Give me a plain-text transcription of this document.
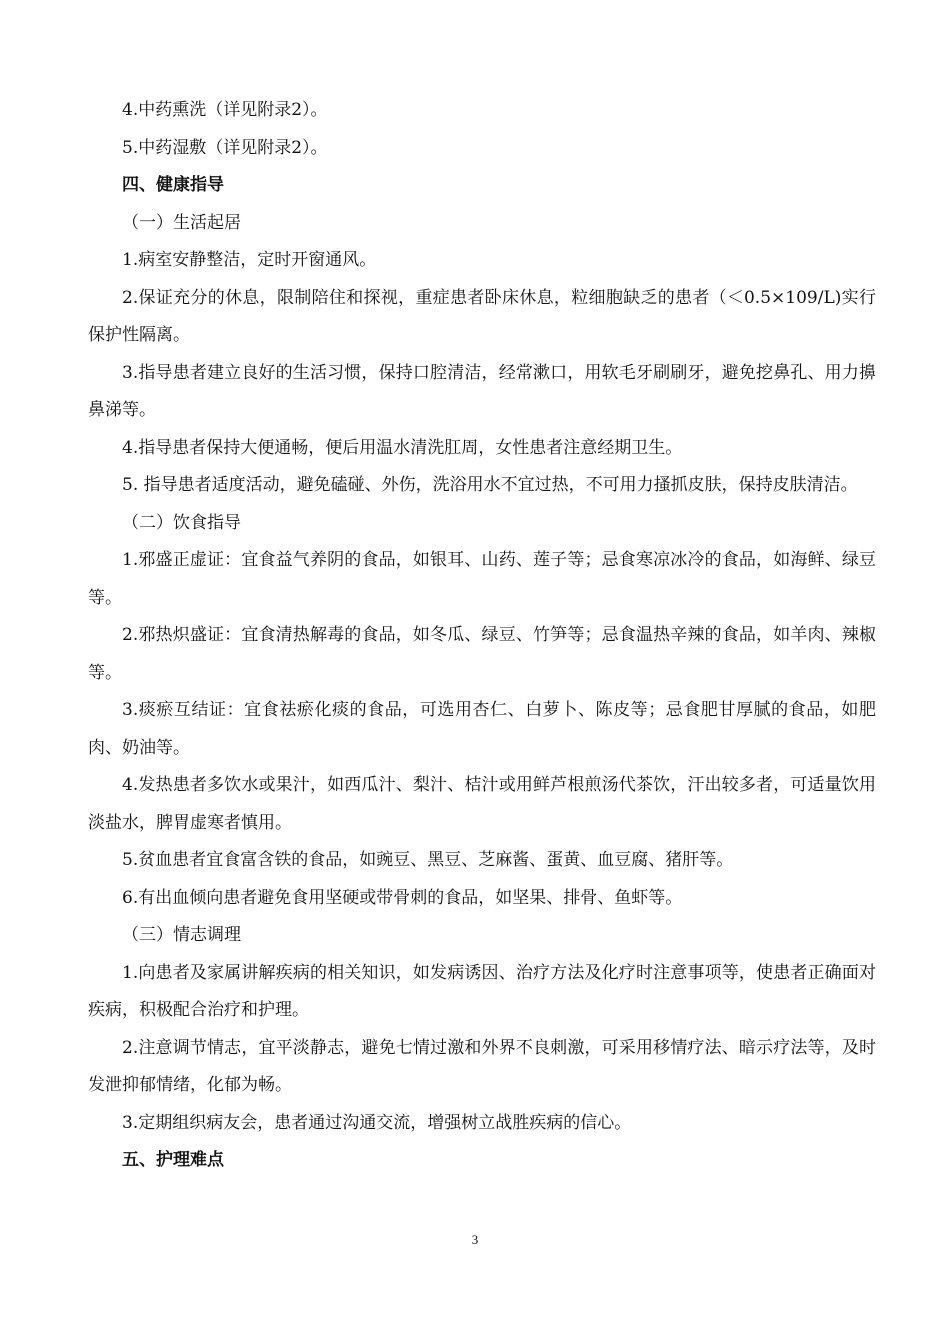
4.中药熏洗（详见附录2）。

5.中药湿敷（详见附录2）。

四、健康指导

（一）生活起居

1.病室安静整洁，定时开窗通风。

2.保证充分的休息，限制陪住和探视，重症患者卧床休息，粒细胞缺乏的患者（＜0.5×109/L)实行保护性隔离。

3.指导患者建立良好的生活习惯，保持口腔清洁，经常漱口，用软毛牙刷刷牙，避免挖鼻孔、用力擤鼻涕等。

4.指导患者保持大便通畅，便后用温水清洗肛周，女性患者注意经期卫生。

5. 指导患者适度活动，避免磕碰、外伤，洗浴用水不宜过热，不可用力搔抓皮肤，保持皮肤清洁。

（二）饮食指导

1.邪盛正虚证：宜食益气养阴的食品，如银耳、山药、莲子等；忌食寒凉冰冷的食品，如海鲜、绿豆等。

2.邪热炽盛证：宜食清热解毒的食品，如冬瓜、绿豆、竹笋等；忌食温热辛辣的食品，如羊肉、辣椒等。

3.痰瘀互结证：宜食祛瘀化痰的食品，可选用杏仁、白萝卜、陈皮等；忌食肥甘厚腻的食品，如肥肉、奶油等。

4.发热患者多饮水或果汁，如西瓜汁、梨汁、桔汁或用鲜芦根煎汤代茶饮，汗出较多者，可适量饮用淡盐水，脾胃虚寒者慎用。

5.贫血患者宜食富含铁的食品，如豌豆、黑豆、芝麻酱、蛋黄、血豆腐、猪肝等。

6.有出血倾向患者避免食用坚硬或带骨刺的食品，如坚果、排骨、鱼虾等。

（三）情志调理

1.向患者及家属讲解疾病的相关知识，如发病诱因、治疗方法及化疗时注意事项等，使患者正确面对疾病，积极配合治疗和护理。

2.注意调节情志，宜平淡静志，避免七情过激和外界不良刺激，可采用移情疗法、暗示疗法等，及时发泄抑郁情绪，化郁为畅。

3.定期组织病友会，患者通过沟通交流，增强树立战胜疾病的信心。

五、护理难点

3
